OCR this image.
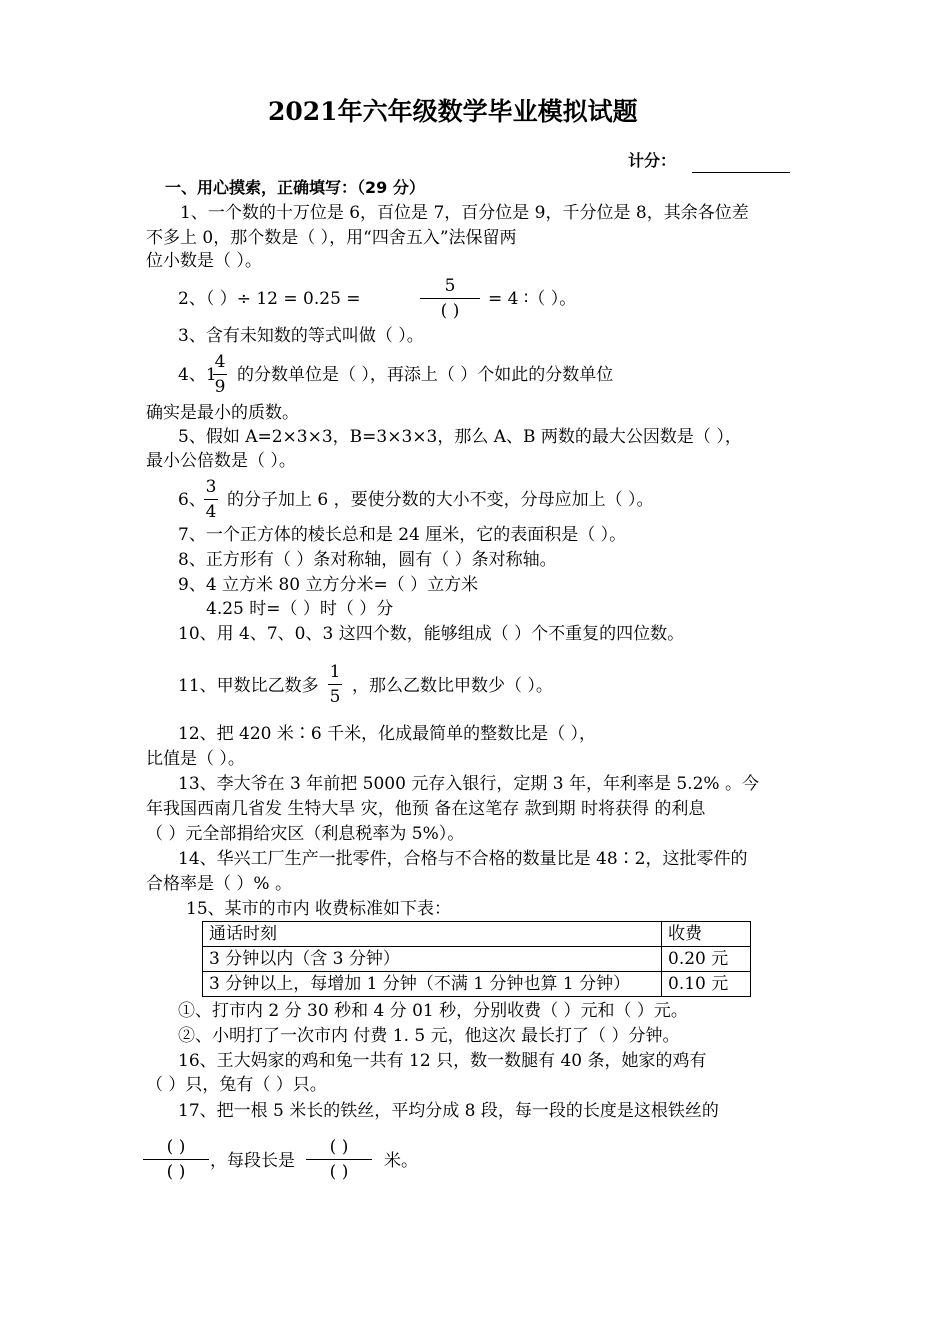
2021年六年级数学毕业模拟试题
计分：
一、用心摸索，正确填写：（29 分）
1、一个数的十万位是 6，百位是 7，百分位是 9，千分位是 8，其余各位差
不多上 0，那个数是（ ），用“四舍五入”法保留两
位小数是（ ）。
2、（ ）÷ 12 = 0.25 =
5
( )
= 4 ∶（ ）。
3、含有未知数的等式叫做（ ）。
4、1
4
9
的分数单位是（ ），再添上（ ）个如此的分数单位
确实是最小的质数。
5、假如 A=2×3×3，B=3×3×3，那么 A、B 两数的最大公因数是（ ），
最小公倍数是（ ）。
6、
3
4
的分子加上 6 ，要使分数的大小不变，分母应加上（ ）。
7、一个正方体的棱长总和是 24 厘米，它的表面积是（ ）。
8、正方形有（ ）条对称轴，圆有（ ）条对称轴。
9、4 立方米 80 立方分米=（ ）立方米
4.25 时=（ ）时（ ）分
10、用 4、7、0、3 这四个数，能够组成（ ）个不重复的四位数。
11、甲数比乙数多
1
5
，那么乙数比甲数少（ ）。
12、把 420 米∶6 千米，化成最简单的整数比是（ ），
比值是（ ）。
13、李大爷在 3 年前把 5000 元存入银行，定期 3 年，年利率是 5.2% 。今
年我国西南几省发 生特大旱 灾，他预 备在这笔存 款到期 时将获得 的利息
（ ）元全部捐给灾区（利息税率为 5%）。
14、华兴工厂生产一批零件，合格与不合格的数量比是 48∶2，这批零件的
合格率是（ ）% 。
15、某市的市内 收费标准如下表：
通话时刻	收费
3 分钟以内（含 3 分钟）	0.20 元
3 分钟以上，每增加 1 分钟（不满 1 分钟也算 1 分钟）	0.10 元
①、打市内 2 分 30 秒和 4 分 01 秒，分别收费（ ）元和（ ）元。
②、小明打了一次市内 付费 1. 5 元，他这次 最长打了（ ）分钟。
16、王大妈家的鸡和兔一共有 12 只，数一数腿有 40 条，她家的鸡有
（ ）只，兔有（ ）只。
17、把一根 5 米长的铁丝，平均分成 8 段，每一段的长度是这根铁丝的
( )
( )
，每段长是
( )
( )
米。
